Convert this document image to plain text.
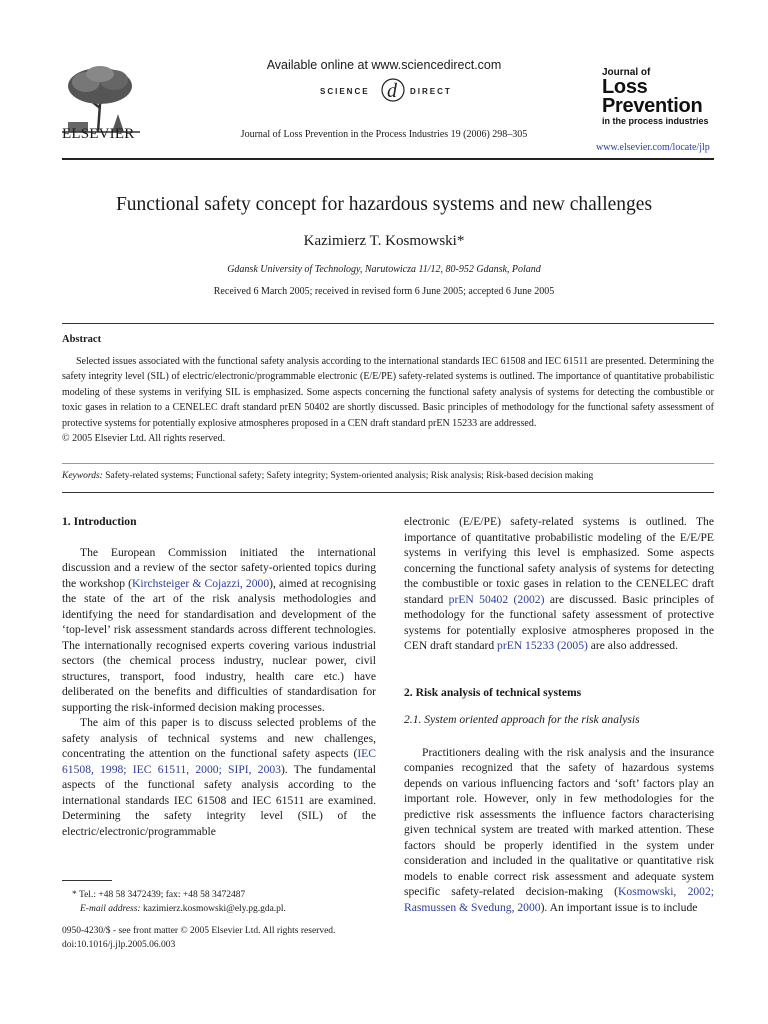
ELSEVIER
Available online at www.sciencedirect.com
SCIENCE d DIRECT
Journal of Loss Prevention in the Process Industries 19 (2006) 298–305
Journal of
Loss
Prevention
in the process industries
www.elsevier.com/locate/jlp
Functional safety concept for hazardous systems and new challenges
Kazimierz T. Kosmowski*
Gdansk University of Technology, Narutowicza 11/12, 80-952 Gdansk, Poland
Received 6 March 2005; received in revised form 6 June 2005; accepted 6 June 2005
Abstract

Selected issues associated with the functional safety analysis according to the international standards IEC 61508 and IEC 61511 are presented. Determining the safety integrity level (SIL) of electric/electronic/programmable electronic (E/E/PE) safety-related systems is outlined. The importance of quantitative probabilistic modeling of these systems in verifying SIL is emphasized. Some aspects concerning the functional safety analysis of systems for detecting the combustible or toxic gases in relation to a CENELEC draft standard prEN 50402 are shortly discussed. Basic principles of methodology for the functional safety assessment of protective systems for potentially explosive atmospheres proposed in a CEN draft standard prEN 15233 are addressed.

© 2005 Elsevier Ltd. All rights reserved.

Keywords: Safety-related systems; Functional safety; Safety integrity; System-oriented analysis; Risk analysis; Risk-based decision making

1. Introduction

The European Commission initiated the international discussion and a review of the sector safety-oriented topics during the workshop (Kirchsteiger & Cojazzi, 2000), aimed at recognising the state of the art of the risk analysis methodologies and identifying the need for standardisation and development of the ‘top-level’ risk assessment standards across different technologies. The internationally recognised experts covering various industrial sectors (the chemical process industry, nuclear power, civil structures, transport, food industry, health care etc.) have deliberated on the benefits and difficulties of standardisation for supporting the risk-informed decision making processes.

The aim of this paper is to discuss selected problems of the safety analysis of technical systems and new challenges, concentrating the attention on the functional safety aspects (IEC 61508, 1998; IEC 61511, 2000; SIPI, 2003). The fundamental aspects of the functional safety analysis according to the international standards IEC 61508 and IEC 61511 are examined. Determining the safety integrity level (SIL) of the electric/electronic/programmable

* Tel.: +48 58 3472439; fax: +48 58 3472487
E-mail address: kazimierz.kosmowski@ely.pg.gda.pl.
0950-4230/$ - see front matter © 2005 Elsevier Ltd. All rights reserved.
doi:10.1016/j.jlp.2005.06.003

electronic (E/E/PE) safety-related systems is outlined. The importance of quantitative probabilistic modeling of the E/E/PE systems in verifying this level is emphasized. Some aspects concerning the functional safety analysis of systems for detecting the combustible or toxic gases in relation to the CENELEC draft standard prEN 50402 (2002) are discussed. Basic principles of methodology for the functional safety assessment of protective systems for potentially explosive atmospheres proposed in the CEN draft standard prEN 15233 (2005) are also addressed.

2. Risk analysis of technical systems

2.1. System oriented approach for the risk analysis

Practitioners dealing with the risk analysis and the insurance companies recognized that the safety of hazardous systems depends on various influencing factors and ‘soft’ factors play an important role. However, only in few methodologies for the predictive risk assessments the influence factors characterising given technical system are treated with marked attention. These factors should be properly identified in the system under consideration and included in the qualitative or quantitative risk models to enable correct risk assessment and adequate system specific safety-related decision-making (Kosmowski, 2002; Rasmussen & Svedung, 2000). An important issue is to include
